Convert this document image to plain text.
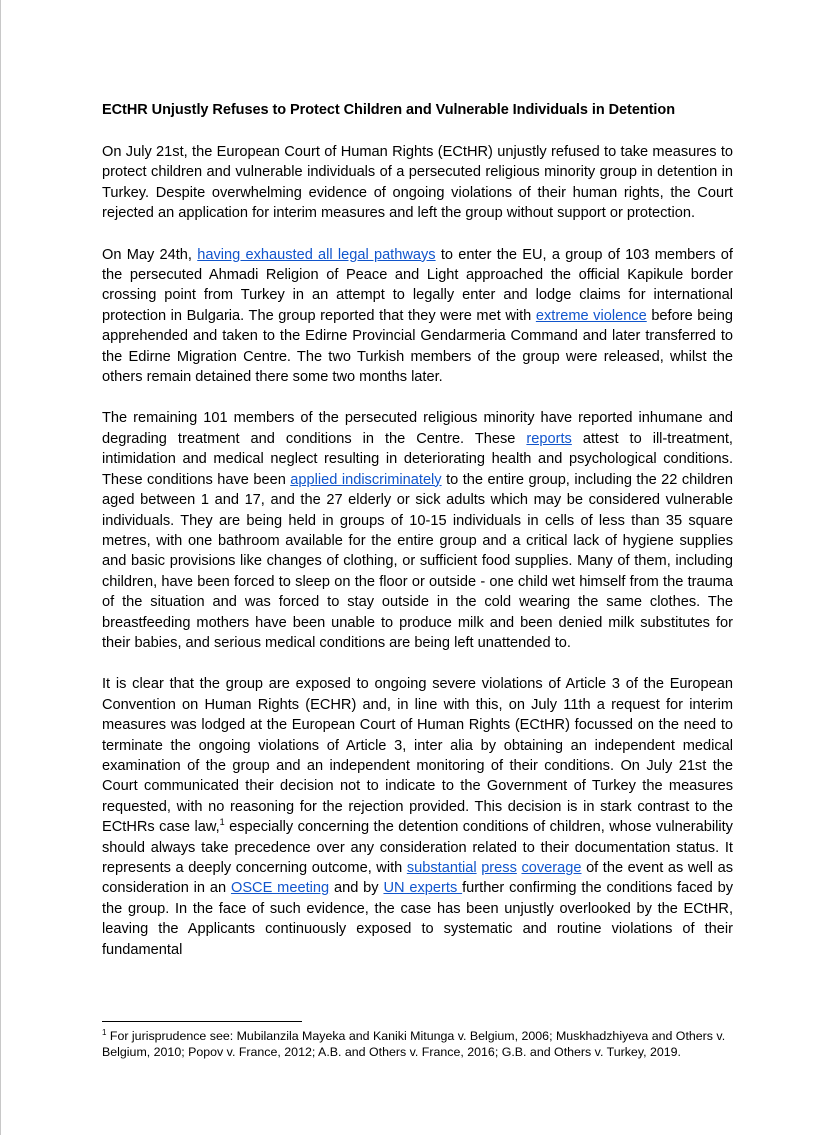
ECtHR Unjustly Refuses to Protect Children and Vulnerable Individuals in Detention

On July 21st, the European Court of Human Rights (ECtHR) unjustly refused to take measures to protect children and vulnerable individuals of a persecuted religious minority group in detention in Turkey. Despite overwhelming evidence of ongoing violations of their human rights, the Court rejected an application for interim measures and left the group without support or protection.

On May 24th, having exhausted all legal pathways to enter the EU, a group of 103 members of the persecuted Ahmadi Religion of Peace and Light approached the official Kapikule border crossing point from Turkey in an attempt to legally enter and lodge claims for international protection in Bulgaria. The group reported that they were met with extreme violence before being apprehended and taken to the Edirne Provincial Gendarmeria Command and later transferred to the Edirne Migration Centre. The two Turkish members of the group were released, whilst the others remain detained there some two months later.

The remaining 101 members of the persecuted religious minority have reported inhumane and degrading treatment and conditions in the Centre. These reports attest to ill-treatment, intimidation and medical neglect resulting in deteriorating health and psychological conditions. These conditions have been applied indiscriminately to the entire group, including the 22 children aged between 1 and 17, and the 27 elderly or sick adults which may be considered vulnerable individuals. They are being held in groups of 10-15 individuals in cells of less than 35 square metres, with one bathroom available for the entire group and a critical lack of hygiene supplies and basic provisions like changes of clothing, or sufficient food supplies. Many of them, including children, have been forced to sleep on the floor or outside - one child wet himself from the trauma of the situation and was forced to stay outside in the cold wearing the same clothes. The breastfeeding mothers have been unable to produce milk and been denied milk substitutes for their babies, and serious medical conditions are being left unattended to.

It is clear that the group are exposed to ongoing severe violations of Article 3 of the European Convention on Human Rights (ECHR) and, in line with this, on July 11th a request for interim measures was lodged at the European Court of Human Rights (ECtHR) focussed on the need to terminate the ongoing violations of Article 3, inter alia by obtaining an independent medical examination of the group and an independent monitoring of their conditions. On July 21st the Court communicated their decision not to indicate to the Government of Turkey the measures requested, with no reasoning for the rejection provided. This decision is in stark contrast to the ECtHRs case law,$^1$ especially concerning the detention conditions of children, whose vulnerability should always take precedence over any consideration related to their documentation status. It represents a deeply concerning outcome, with substantial press coverage of the event as well as consideration in an OSCE meeting and by UN experts further confirming the conditions faced by the group. In the face of such evidence, the case has been unjustly overlooked by the ECtHR, leaving the Applicants continuously exposed to systematic and routine violations of their fundamental

$^1$ For jurisprudence see: Mubilanzila Mayeka and Kaniki Mitunga v. Belgium, 2006; Muskhadzhiyeva and Others v. Belgium, 2010; Popov v. France, 2012; A.B. and Others v. France, 2016; G.B. and Others v. Turkey, 2019.
